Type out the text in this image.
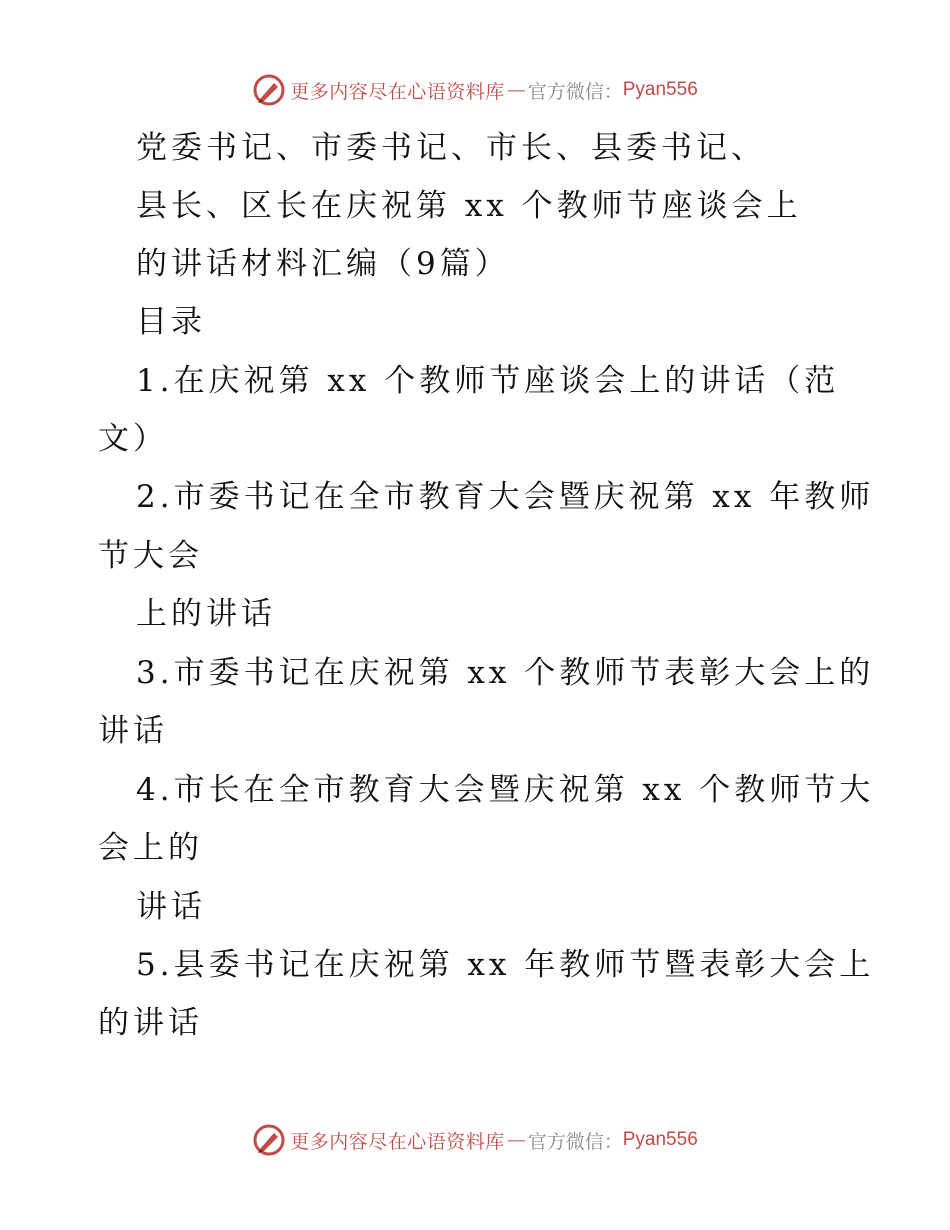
更多内容尽在心语资料库 — 官方微信： Pyan556
党委书记、市委书记、市长、县委书记、
县长、区长在庆祝第 xx 个教师节座谈会上
的讲话材料汇编（9篇）
目录
1.在庆祝第 xx 个教师节座谈会上的讲话（范
文）
2.市委书记在全市教育大会暨庆祝第 xx 年教师
节大会
上的讲话
3.市委书记在庆祝第 xx 个教师节表彰大会上的
讲话
4.市长在全市教育大会暨庆祝第 xx 个教师节大
会上的
讲话
5.县委书记在庆祝第 xx 年教师节暨表彰大会上
的讲话
更多内容尽在心语资料库 — 官方微信： Pyan556
